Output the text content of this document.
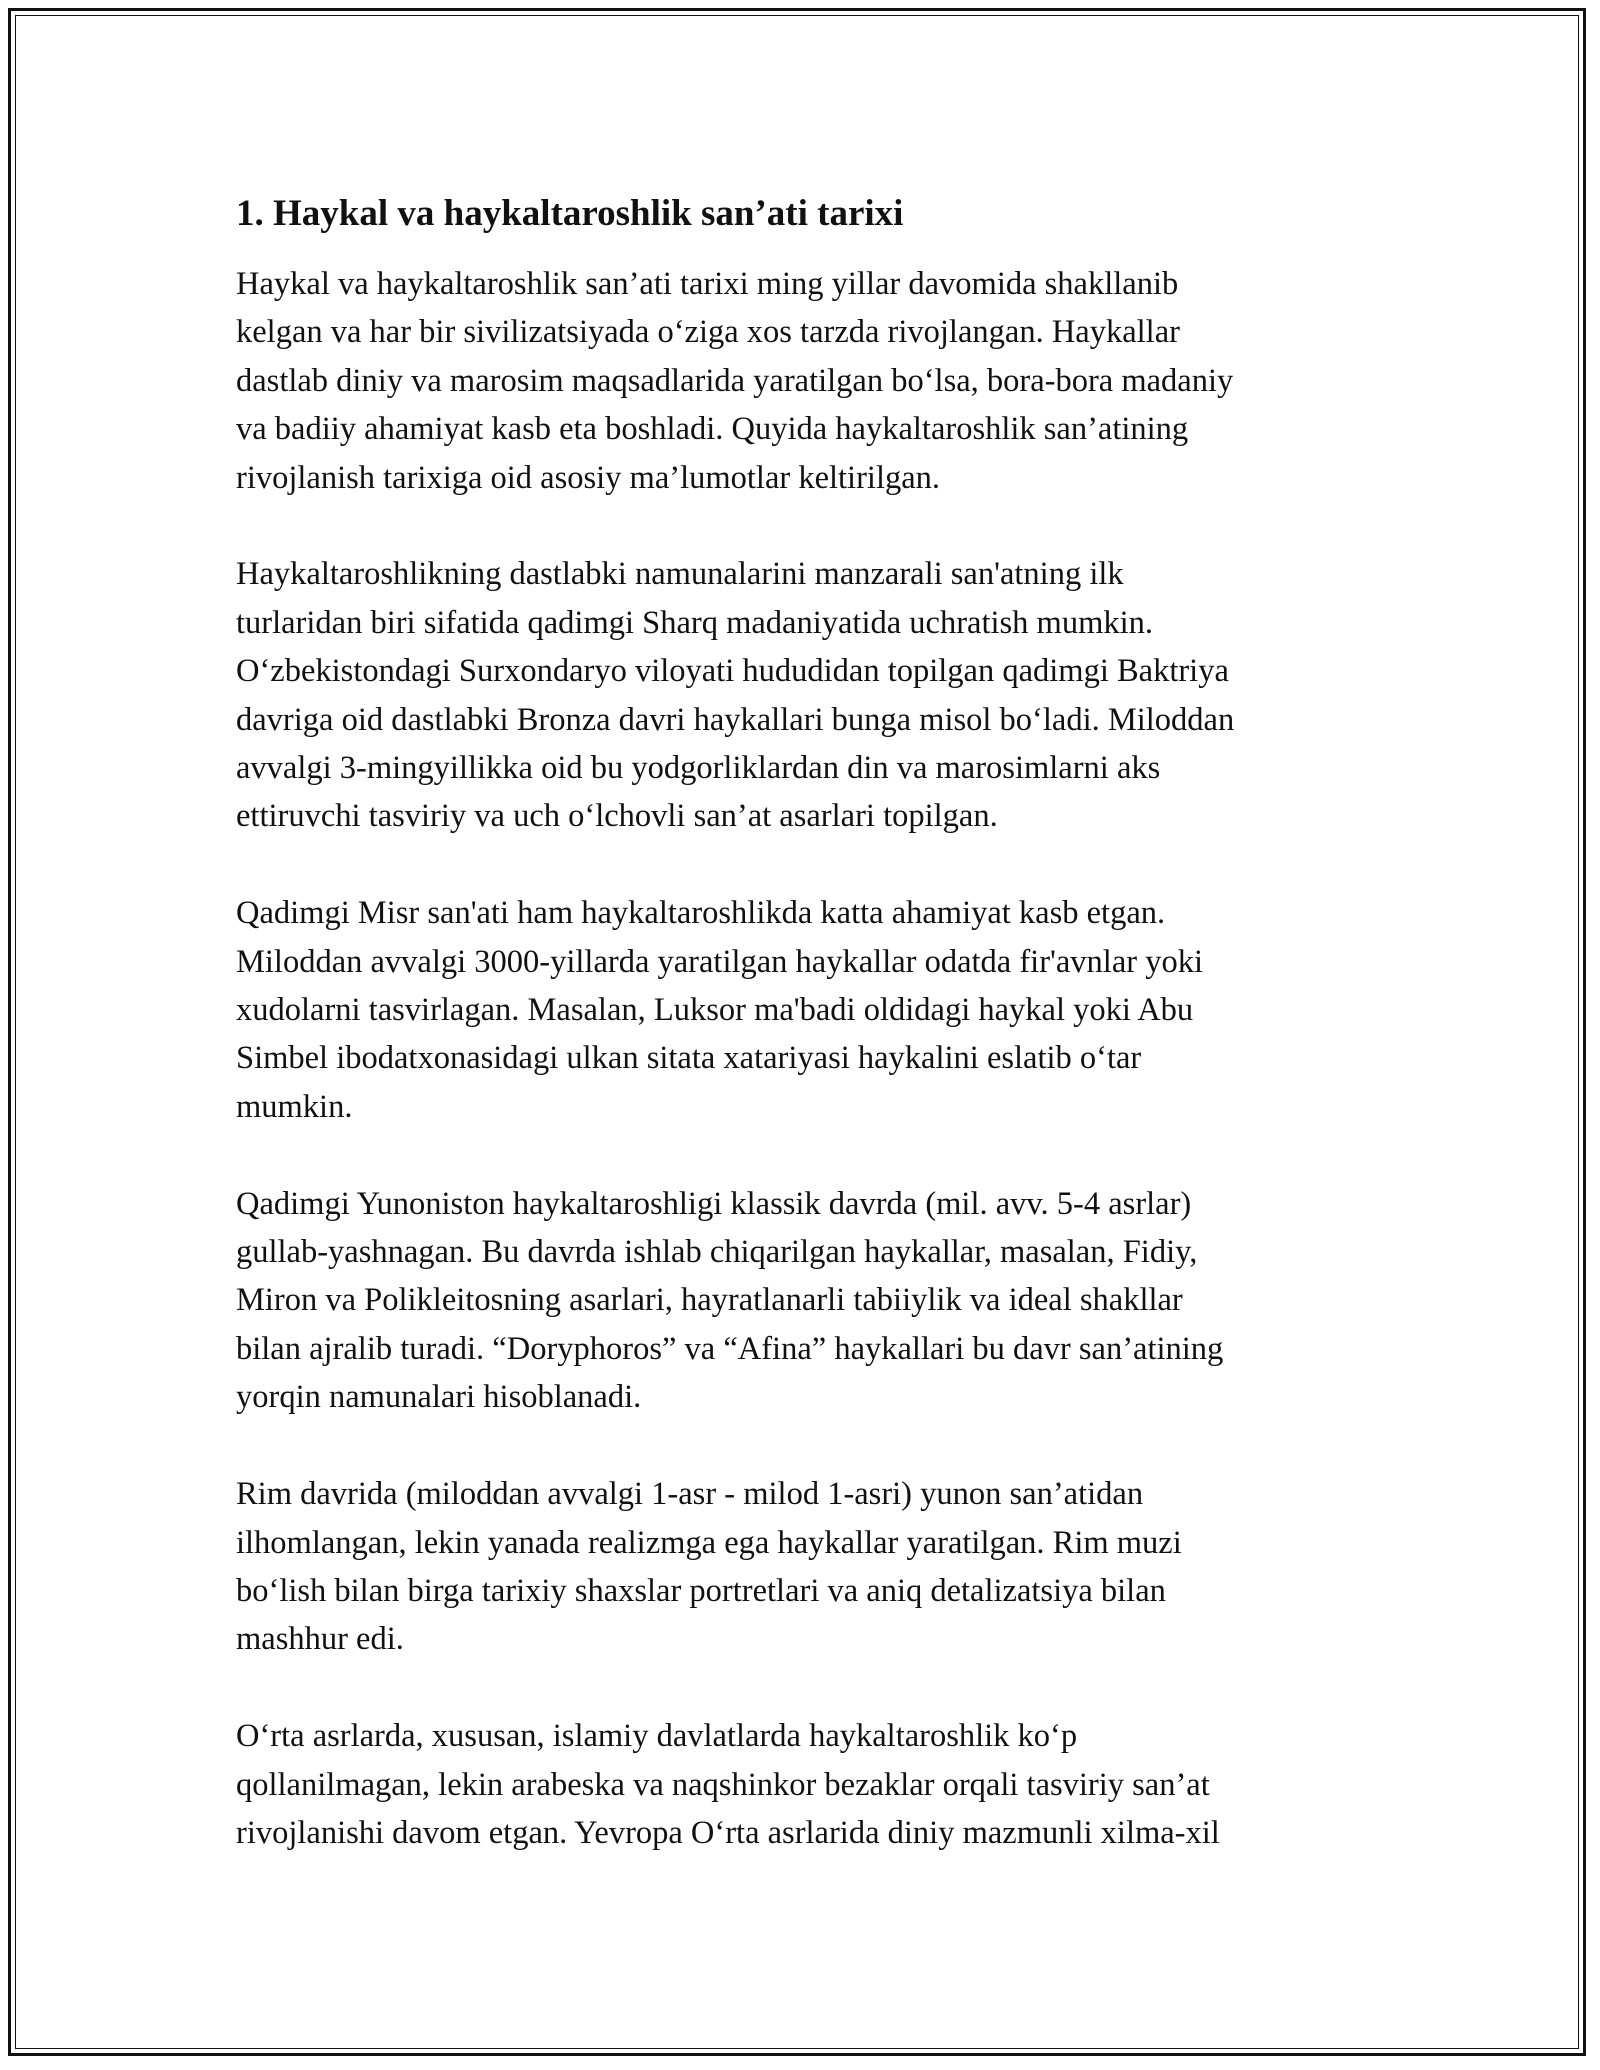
1. Haykal va haykaltaroshlik san’ati tarixi

Haykal va haykaltaroshlik san’ati tarixi ming yillar davomida shakllanib
kelgan va har bir sivilizatsiyada o‘ziga xos tarzda rivojlangan. Haykallar
dastlab diniy va marosim maqsadlarida yaratilgan bo‘lsa, bora-bora madaniy
va badiiy ahamiyat kasb eta boshladi. Quyida haykaltaroshlik san’atining
rivojlanish tarixiga oid asosiy ma’lumotlar keltirilgan.

Haykaltaroshlikning dastlabki namunalarini manzarali san'atning ilk
turlaridan biri sifatida qadimgi Sharq madaniyatida uchratish mumkin.
O‘zbekistondagi Surxondaryo viloyati hududidan topilgan qadimgi Baktriya
davriga oid dastlabki Bronza davri haykallari bunga misol bo‘ladi. Miloddan
avvalgi 3-mingyillikka oid bu yodgorliklardan din va marosimlarni aks
ettiruvchi tasviriy va uch o‘lchovli san’at asarlari topilgan.

Qadimgi Misr san'ati ham haykaltaroshlikda katta ahamiyat kasb etgan.
Miloddan avvalgi 3000-yillarda yaratilgan haykallar odatda fir'avnlar yoki
xudolarni tasvirlagan. Masalan, Luksor ma'badi oldidagi haykal yoki Abu
Simbel ibodatxonasidagi ulkan sitata xatariyasi haykalini eslatib o‘tar
mumkin.

Qadimgi Yunoniston haykaltaroshligi klassik davrda (mil. avv. 5-4 asrlar)
gullab-yashnagan. Bu davrda ishlab chiqarilgan haykallar, masalan, Fidiy,
Miron va Polikleitosning asarlari, hayratlanarli tabiiylik va ideal shakllar
bilan ajralib turadi. “Doryphoros” va “Afina” haykallari bu davr san’atining
yorqin namunalari hisoblanadi.

Rim davrida (miloddan avvalgi 1-asr - milod 1-asri) yunon san’atidan
ilhomlangan, lekin yanada realizmga ega haykallar yaratilgan. Rim muzi
bo‘lish bilan birga tarixiy shaxslar portretlari va aniq detalizatsiya bilan
mashhur edi.

O‘rta asrlarda, xususan, islamiy davlatlarda haykaltaroshlik ko‘p
qollanilmagan, lekin arabeska va naqshinkor bezaklar orqali tasviriy san’at
rivojlanishi davom etgan. Yevropa O‘rta asrlarida diniy mazmunli xilma-xil
